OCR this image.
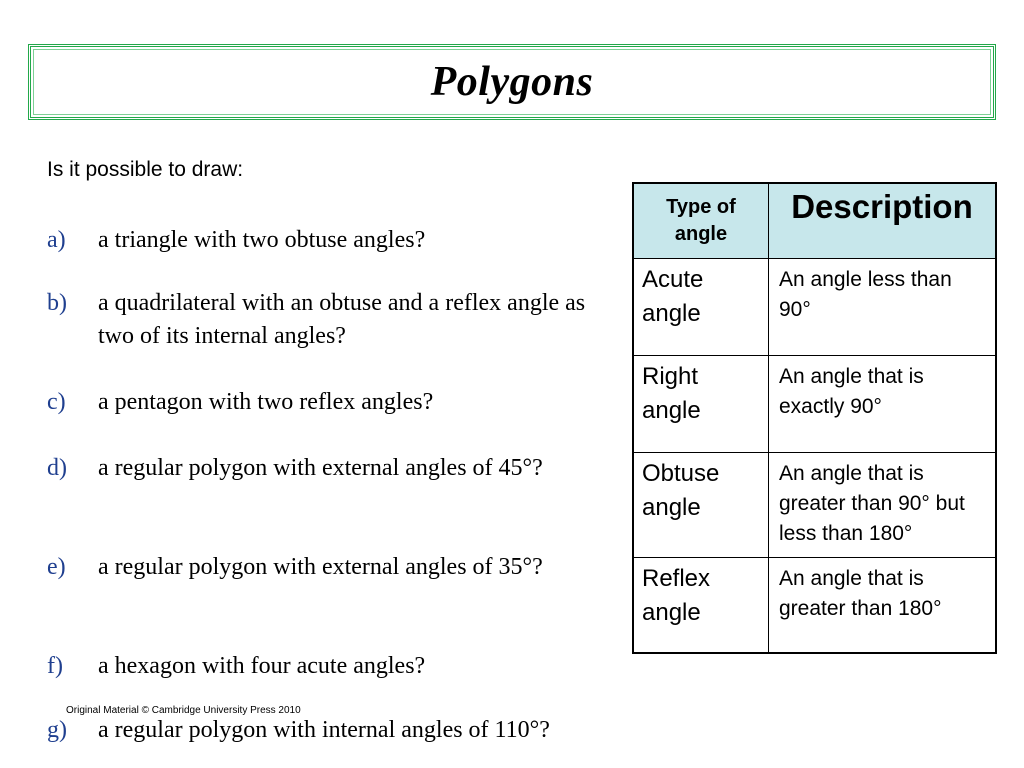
Polygons
Is it possible to draw:
a)	a triangle with two obtuse angles?
b)	a quadrilateral with an obtuse and a reflex angle as two of its internal angles?
c)	a pentagon with two reflex angles?
d)	a regular polygon with external angles of 45°?
e)	a regular polygon with external angles of 35°?
f)	a hexagon with four acute angles?
g)	a regular polygon with internal angles of 110°?
Original Material © Cambridge University Press 2010
Type of angle	Description
Acute angle	An angle less than 90°
Right angle	An angle that is exactly 90°
Obtuse angle	An angle that is greater than 90° but less than 180°
Reflex angle	An angle that is greater than 180°
